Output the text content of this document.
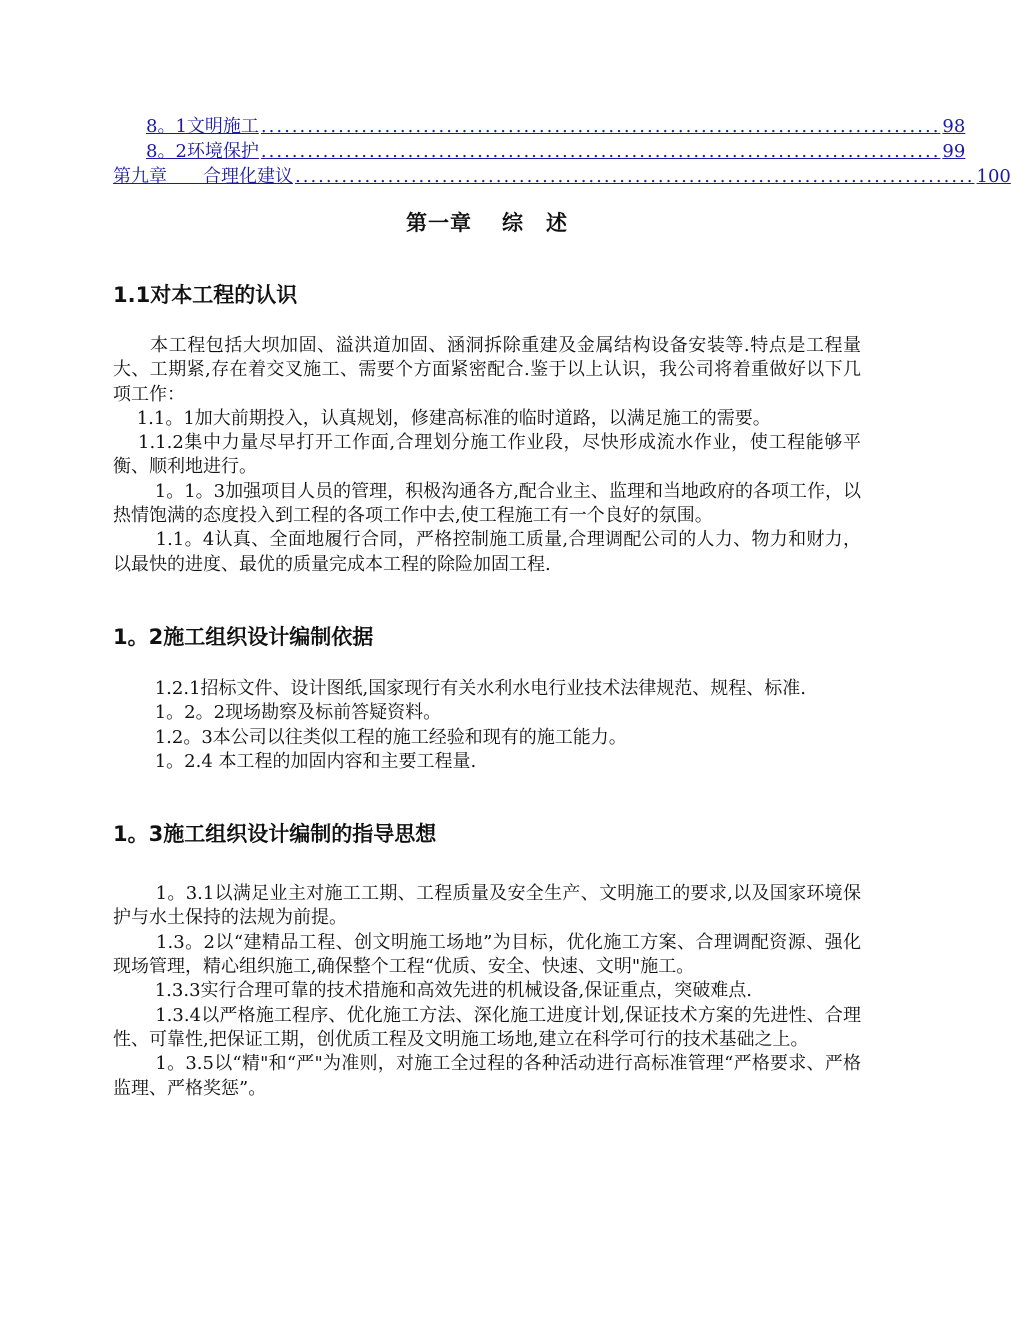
8。1文明施工 ........................................................................................ 98
8。2环境保护 ........................................................................................ 99
第九章　　合理化建议 ........................................................................................ 100
第一章 综　述
1.1对本工程的认识

　　本工程包括大坝加固、溢洪道加固、涵洞拆除重建及金属结构设备安装等.特点是工程量大、工期紧,存在着交叉施工、需要个方面紧密配合.鉴于以上认识，我公司将着重做好以下几项工作：

　 1.1。1加大前期投入，认真规划，修建高标准的临时道路，以满足施工的需要。

　 1.1.2集中力量尽早打开工作面,合理划分施工作业段，尽快形成流水作业，使工程能够平衡、顺利地进行。

　　 1。1。3加强项目人员的管理，积极沟通各方,配合业主、监理和当地政府的各项工作，以热情饱满的态度投入到工程的各项工作中去,使工程施工有一个良好的氛围。

　　 1.1。4认真、全面地履行合同，严格控制施工质量,合理调配公司的人力、物力和财力，以最快的进度、最优的质量完成本工程的除险加固工程.

1。2施工组织设计编制依据

　　 1.2.1招标文件、设计图纸,国家现行有关水利水电行业技术法律规范、规程、标准.

　　 1。2。2现场勘察及标前答疑资料。

　　 1.2。3本公司以往类似工程的施工经验和现有的施工能力。

　　 1。2.4 本工程的加固内容和主要工程量.

1。3施工组织设计编制的指导思想

　　 1。3.1以满足业主对施工工期、工程质量及安全生产、文明施工的要求,以及国家环境保护与水土保持的法规为前提。

　　 1.3。2以“建精品工程、创文明施工场地”为目标，优化施工方案、合理调配资源、强化现场管理，精心组织施工,确保整个工程“优质、安全、快速、文明"施工。

　　 1.3.3实行合理可靠的技术措施和高效先进的机械设备,保证重点，突破难点.

　　 1.3.4以严格施工程序、优化施工方法、深化施工进度计划,保证技术方案的先进性、合理性、可靠性,把保证工期，创优质工程及文明施工场地,建立在科学可行的技术基础之上。

　　 1。3.5以“精"和“严"为准则，对施工全过程的各种活动进行高标准管理“严格要求、严格监理、严格奖惩”。
